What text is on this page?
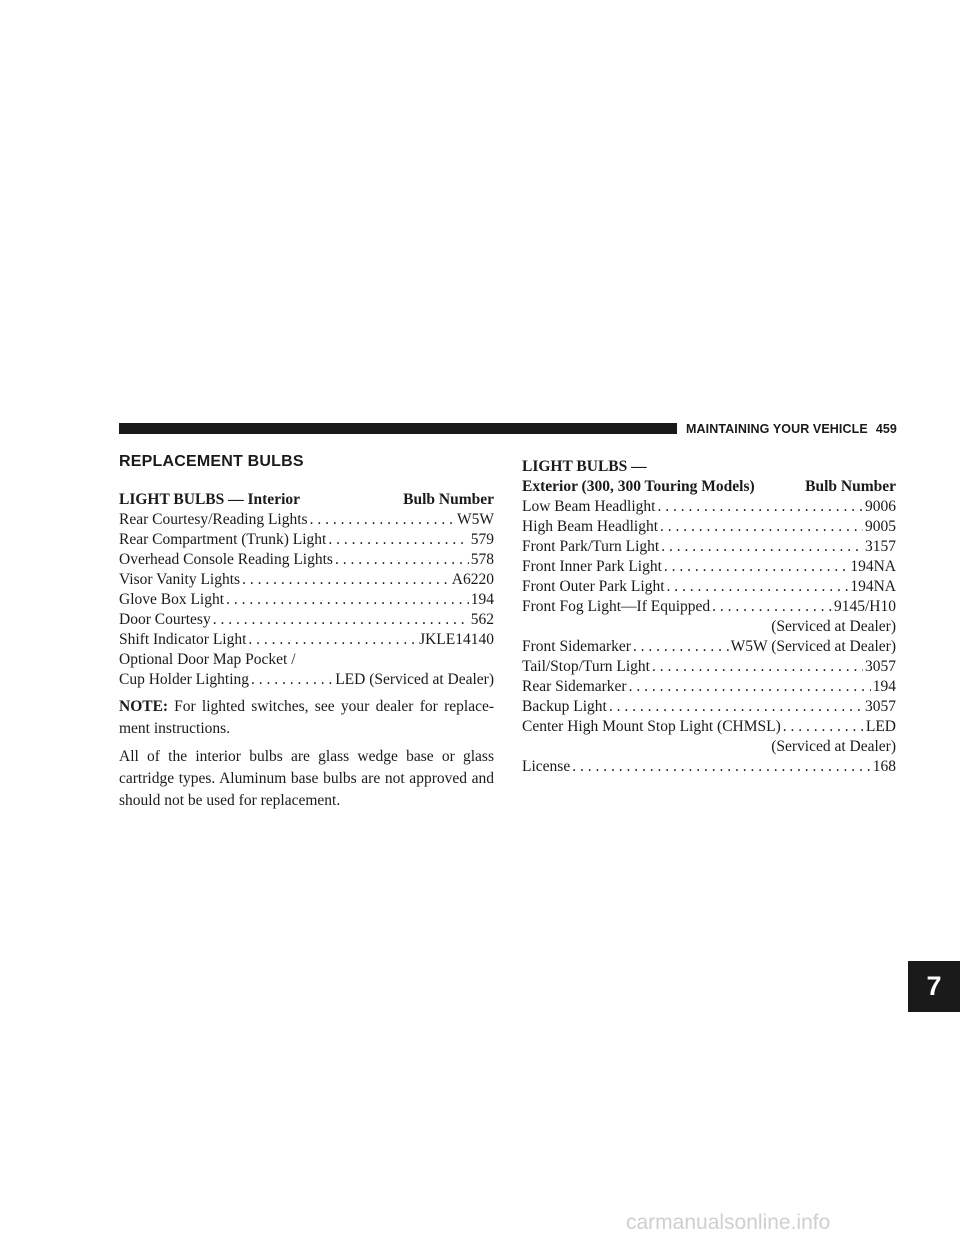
MAINTAINING YOUR VEHICLE 459
REPLACEMENT BULBS
LIGHT BULBS — Interior	Bulb Number
Rear Courtesy/Reading Lights . . .	W5W
Rear Compartment (Trunk) Light . . .	579
Overhead Console Reading Lights . . .	578
Visor Vanity Lights . . .	A6220
Glove Box Light . . .	194
Door Courtesy . . .	562
Shift Indicator Light . . .	JKLE14140
Optional Door Map Pocket /
Cup Holder Lighting . . .	LED (Serviced at Dealer)
NOTE: For lighted switches, see your dealer for replace-ment instructions.
All of the interior bulbs are glass wedge base or glass cartridge types. Aluminum base bulbs are not approved and should not be used for replacement.
LIGHT BULBS —
Exterior (300, 300 Touring Models)	Bulb Number
Low Beam Headlight . . .	9006
High Beam Headlight . . .	9005
Front Park/Turn Light . . .	3157
Front Inner Park Light . . .	194NA
Front Outer Park Light . . .	194NA
Front Fog Light—If Equipped . . .	9145/H10
(Serviced at Dealer)
Front Sidemarker . . .	W5W (Serviced at Dealer)
Tail/Stop/Turn Light . . .	3057
Rear Sidemarker . . .	194
Backup Light . . .	3057
Center High Mount Stop Light (CHMSL) . . .	LED
(Serviced at Dealer)
License . . .	168
7
carmanualsonline.info
